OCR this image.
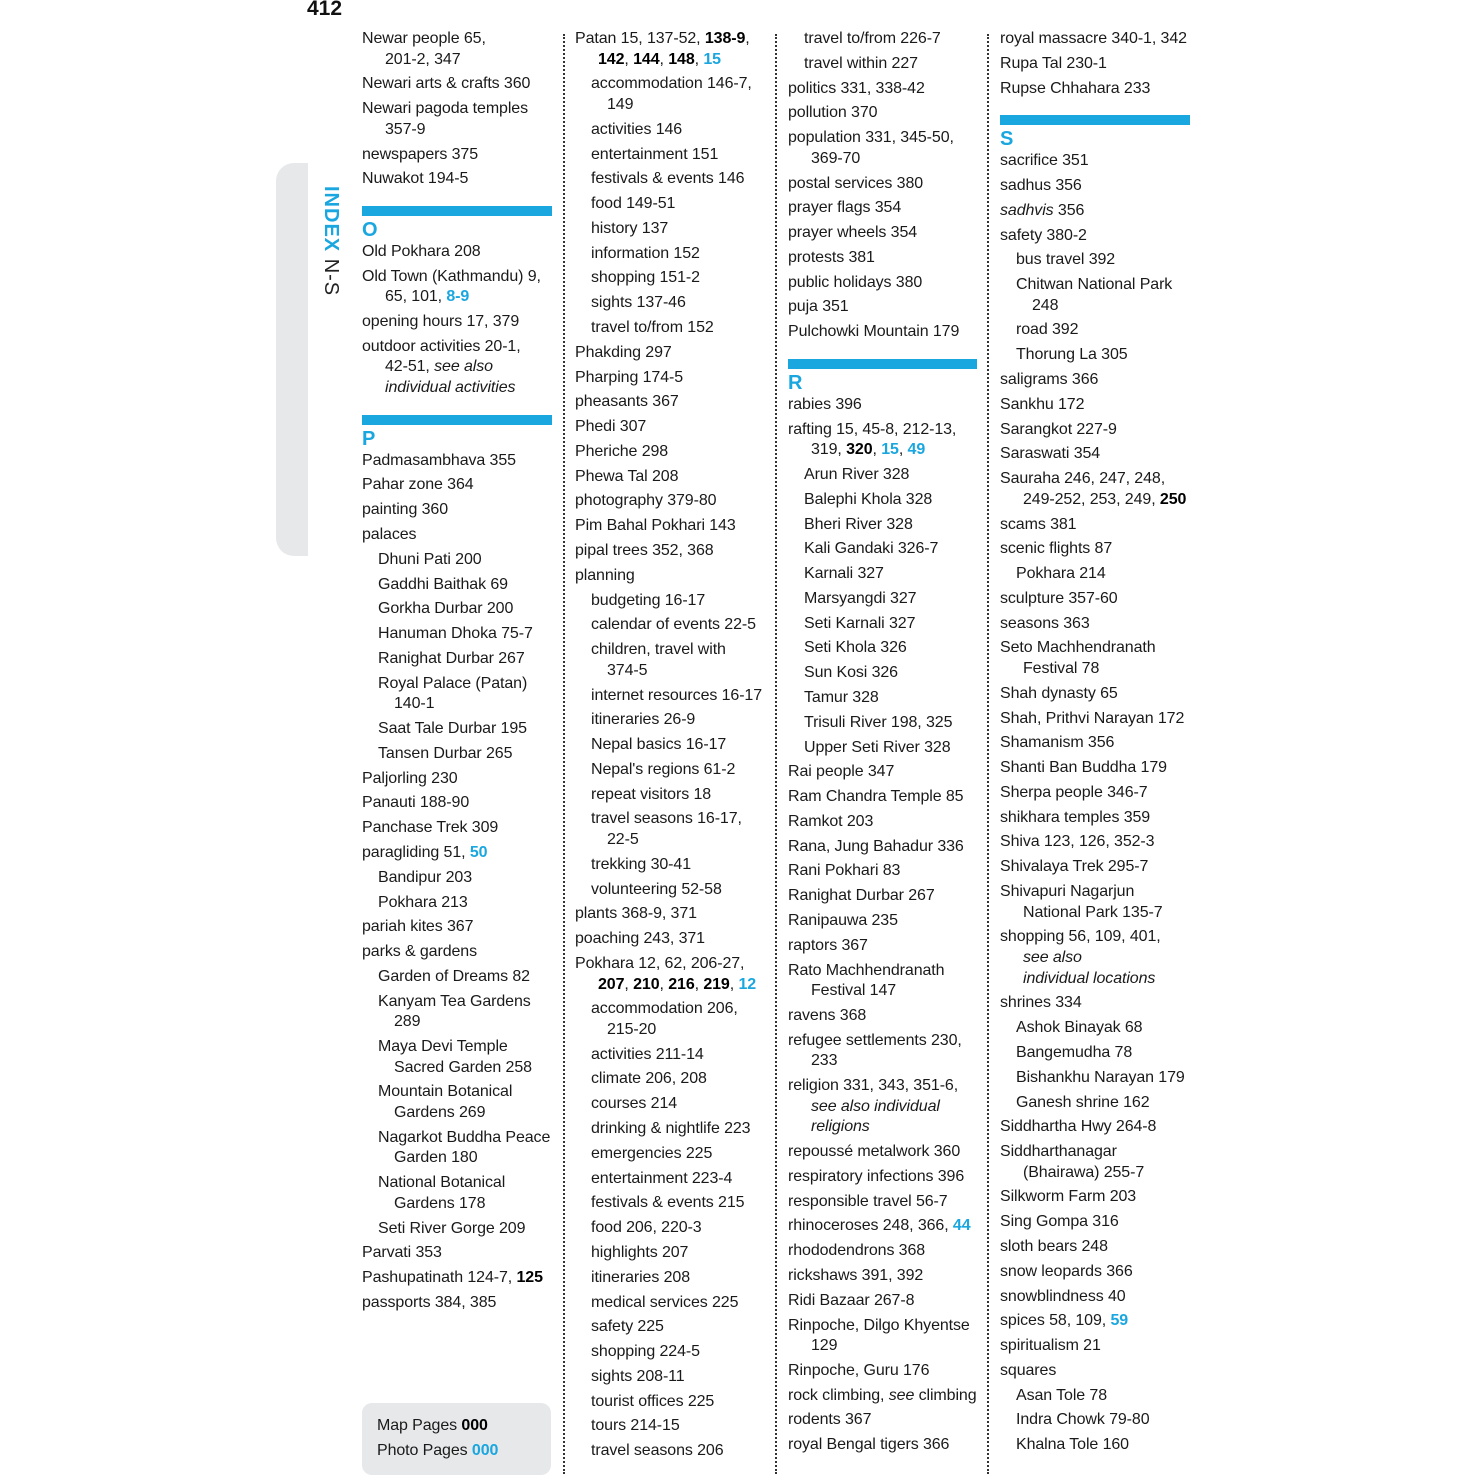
412
INDEX N-S
Newar people 65,
201-2, 347
Newari arts & crafts 360
Newari pagoda temples
357-9
newspapers 375
Nuwakot 194-5
O
Old Pokhara 208
Old Town (Kathmandu) 9,
65, 101, 8-9
opening hours 17, 379
outdoor activities 20-1,
42-51, see also
individual activities
P
Padmasambhava 355
Pahar zone 364
painting 360
palaces
Dhuni Pati 200
Gaddhi Baithak 69
Gorkha Durbar 200
Hanuman Dhoka 75-7
Ranighat Durbar 267
Royal Palace (Patan)
140-1
Saat Tale Durbar 195
Tansen Durbar 265
Paljorling 230
Panauti 188-90
Panchase Trek 309
paragliding 51, 50
Bandipur 203
Pokhara 213
pariah kites 367
parks & gardens
Garden of Dreams 82
Kanyam Tea Gardens
289
Maya Devi Temple
Sacred Garden 258
Mountain Botanical
Gardens 269
Nagarkot Buddha Peace
Garden 180
National Botanical
Gardens 178
Seti River Gorge 209
Parvati 353
Pashupatinath 124-7, 125
passports 384, 385
Patan 15, 137-52, 138-9,
142, 144, 148, 15
accommodation 146-7,
149
activities 146
entertainment 151
festivals & events 146
food 149-51
history 137
information 152
shopping 151-2
sights 137-46
travel to/from 152
Phakding 297
Pharping 174-5
pheasants 367
Phedi 307
Pheriche 298
Phewa Tal 208
photography 379-80
Pim Bahal Pokhari 143
pipal trees 352, 368
planning
budgeting 16-17
calendar of events 22-5
children, travel with
374-5
internet resources 16-17
itineraries 26-9
Nepal basics 16-17
Nepal's regions 61-2
repeat visitors 18
travel seasons 16-17,
22-5
trekking 30-41
volunteering 52-58
plants 368-9, 371
poaching 243, 371
Pokhara 12, 62, 206-27,
207, 210, 216, 219, 12
accommodation 206,
215-20
activities 211-14
climate 206, 208
courses 214
drinking & nightlife 223
emergencies 225
entertainment 223-4
festivals & events 215
food 206, 220-3
highlights 207
itineraries 208
medical services 225
safety 225
shopping 224-5
sights 208-11
tourist offices 225
tours 214-15
travel seasons 206
travel to/from 226-7
travel within 227
politics 331, 338-42
pollution 370
population 331, 345-50,
369-70
postal services 380
prayer flags 354
prayer wheels 354
protests 381
public holidays 380
puja 351
Pulchowki Mountain 179
R
rabies 396
rafting 15, 45-8, 212-13,
319, 320, 15, 49
Arun River 328
Balephi Khola 328
Bheri River 328
Kali Gandaki 326-7
Karnali 327
Marsyangdi 327
Seti Karnali 327
Seti Khola 326
Sun Kosi 326
Tamur 328
Trisuli River 198, 325
Upper Seti River 328
Rai people 347
Ram Chandra Temple 85
Ramkot 203
Rana, Jung Bahadur 336
Rani Pokhari 83
Ranighat Durbar 267
Ranipauwa 235
raptors 367
Rato Machhendranath
Festival 147
ravens 368
refugee settlements 230,
233
religion 331, 343, 351-6,
see also individual
religions
repoussé metalwork 360
respiratory infections 396
responsible travel 56-7
rhinoceroses 248, 366, 44
rhododendrons 368
rickshaws 391, 392
Ridi Bazaar 267-8
Rinpoche, Dilgo Khyentse
129
Rinpoche, Guru 176
rock climbing, see climbing
rodents 367
royal Bengal tigers 366
royal massacre 340-1, 342
Rupa Tal 230-1
Rupse Chhahara 233
S
sacrifice 351
sadhus 356
sadhvis 356
safety 380-2
bus travel 392
Chitwan National Park
248
road 392
Thorung La 305
saligrams 366
Sankhu 172
Sarangkot 227-9
Saraswati 354
Sauraha 246, 247, 248,
249-252, 253, 249, 250
scams 381
scenic flights 87
Pokhara 214
sculpture 357-60
seasons 363
Seto Machhendranath
Festival 78
Shah dynasty 65
Shah, Prithvi Narayan 172
Shamanism 356
Shanti Ban Buddha 179
Sherpa people 346-7
shikhara temples 359
Shiva 123, 126, 352-3
Shivalaya Trek 295-7
Shivapuri Nagarjun
National Park 135-7
shopping 56, 109, 401,
see also
individual locations
shrines 334
Ashok Binayak 68
Bangemudha 78
Bishankhu Narayan 179
Ganesh shrine 162
Siddhartha Hwy 264-8
Siddharthanagar
(Bhairawa) 255-7
Silkworm Farm 203
Sing Gompa 316
sloth bears 248
snow leopards 366
snowblindness 40
spices 58, 109, 59
spiritualism 21
squares
Asan Tole 78
Indra Chowk 79-80
Khalna Tole 160
Map Pages 000
Photo Pages 000
